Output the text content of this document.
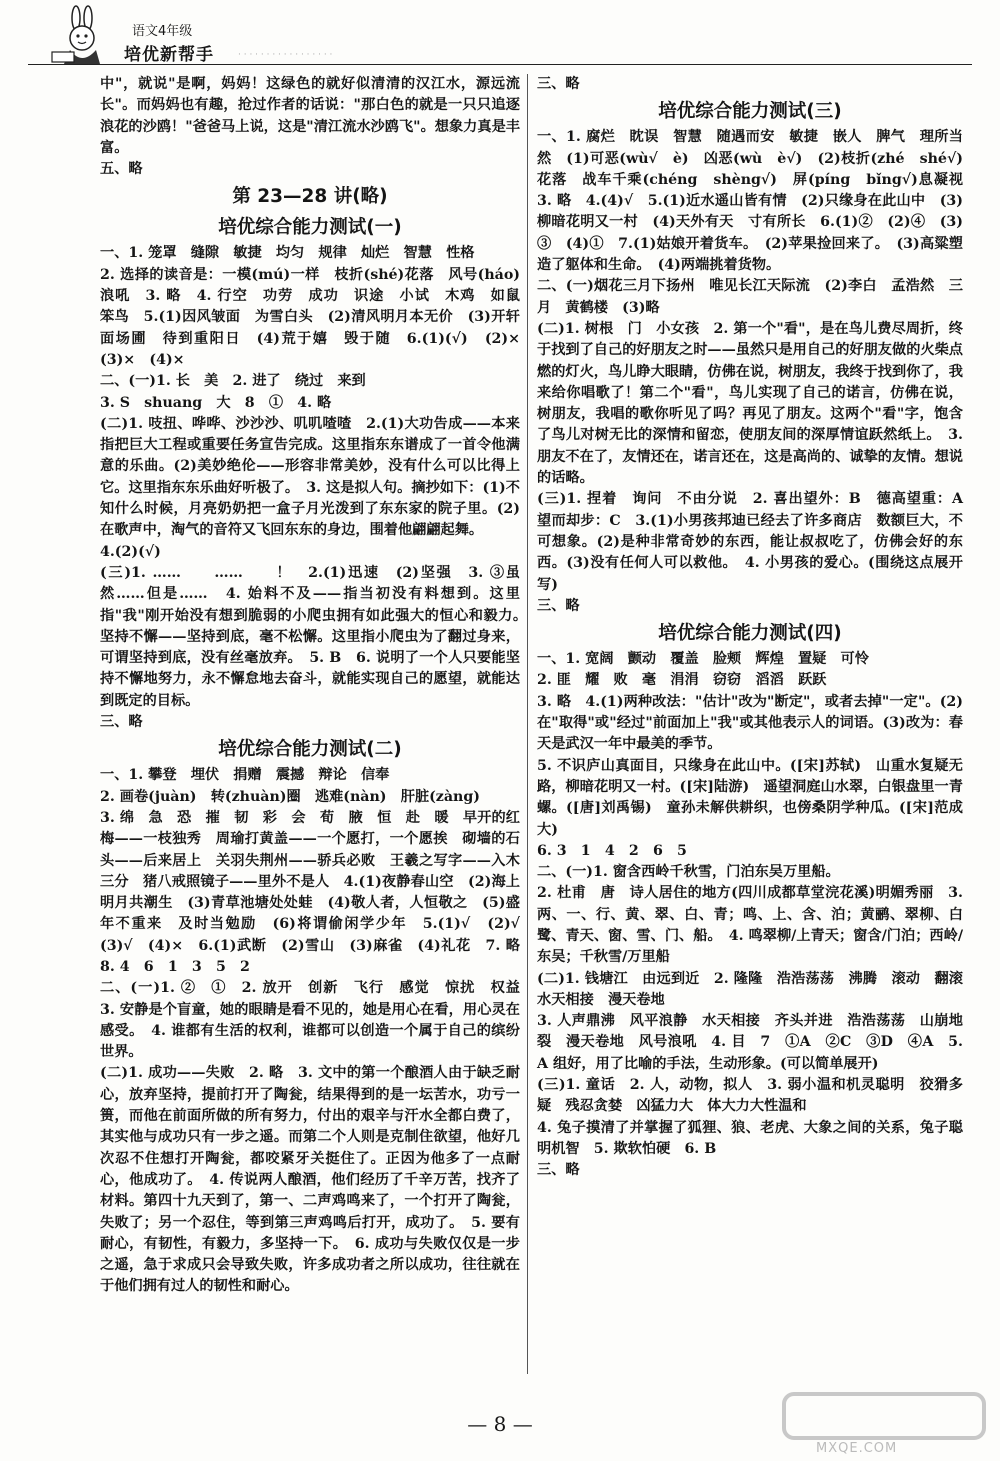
语文4年级
培优新帮手	· · · · · · · · · · · · · · · · ·
中"，就说"是啊，妈妈！这绿色的就好似清清的汉江水，源远流长"。而妈妈也有趣，抢过作者的话说："那白色的就是一只只追逐浪花的沙鸥！"爸爸马上说，这是"清江流水沙鸥飞"。想象力真是丰富。
五、略
第 23—28 讲(略)
培优综合能力测试(一)
一、1. 笼罩　缝隙　敏捷　均匀　规律　灿烂　智慧　性格
2. 选择的读音是：一模(mú)一样　枝折(shé)花落　风号(háo)浪吼　3. 略　4. 行空　功劳　成功　识途　小试　木鸡　如鼠　笨鸟　5.(1)因风皱面　为雪白头　(2)清风明月本无价　(3)开轩面场圃　待到重阳日　(4)荒于嬉　毁于随　6.(1)(√)　(2)×　(3)×　(4)×
二、(一)1. 长　美　2. 进了　绕过　来到
3. S　shuang　大　8　①　4. 略
(二)1. 吱扭、哗哗、沙沙沙、叽叽喳喳　2.(1)大功告成——本来指把巨大工程或重要任务宣告完成。这里指东东谱成了一首令他满意的乐曲。(2)美妙绝伦——形容非常美妙，没有什么可以比得上它。这里指东东乐曲好听极了。　3. 这是拟人句。摘抄如下：(1)不知什么时候，月亮奶奶把一盒子月光泼到了东东家的院子里。(2)在歌声中，淘气的音符又飞回东东的身边，围着他翩翩起舞。
4.(2)(√)
(三)1. ……　　……　　！　2.(1)迅速　(2)坚强　3. ③虽然……但是……　4. 始料不及——指当初没有料想到。这里指"我"刚开始没有想到脆弱的小爬虫拥有如此强大的恒心和毅力。　坚持不懈——坚持到底，毫不松懈。这里指小爬虫为了翻过身来，可谓坚持到底，没有丝毫放弃。　5. B　6. 说明了一个人只要能坚持不懈地努力，永不懈怠地去奋斗，就能实现自己的愿望，就能达到既定的目标。
三、略
培优综合能力测试(二)
一、1. 攀登　埋伏　捐赠　震撼　辩论　信奉
2. 画卷(juàn)　转(zhuàn)圈　逃难(nàn)　肝脏(zàng)
3. 绵　急　恐　摧　韧　彩　会　荀　腋　恒　赴　暖　早开的红梅——一枝独秀　周瑜打黄盖——一个愿打，一个愿挨　砌墙的石头——后来居上　关羽失荆州——骄兵必败　王羲之写字——入木三分　猪八戒照镜子——里外不是人　4.(1)夜静春山空　(2)海上明月共潮生　(3)青草池塘处处蛙　(4)敬人者，人恒敬之　(5)盛年不重来　及时当勉励　(6)将谓偷闲学少年　5.(1)√　(2)√　(3)√　(4)×　6.(1)武断　(2)雪山　(3)麻雀　(4)礼花　7. 略　8. 4　6　1　3　5　2
二、(一)1. ②　①　2. 放开　创新　飞行　感觉　惊扰　权益　3. 安静是个盲童，她的眼睛是看不见的，她是用心在看，用心灵在感受。　4. 谁都有生活的权利，谁都可以创造一个属于自己的缤纷世界。
(二)1. 成功——失败　2. 略　3. 文中的第一个酿酒人由于缺乏耐心，放弃坚持，提前打开了陶瓮，结果得到的是一坛苦水，功亏一篑，而他在前面所做的所有努力，付出的艰辛与汗水全都白费了，其实他与成功只有一步之遥。而第二个人则是克制住欲望，他好几次忍不住想打开陶瓮，都咬紧牙关挺住了。正因为他多了一点耐心，他成功了。　4. 传说两人酿酒，他们经历了千辛万苦，找齐了材料。第四十九天到了，第一、二声鸡鸣来了，一个打开了陶瓮，失败了；另一个忍住，等到第三声鸡鸣后打开，成功了。　5. 要有耐心，有韧性，有毅力，多坚持一下。　6. 成功与失败仅仅是一步之遥，急于求成只会导致失败，许多成功者之所以成功，往往就在于他们拥有过人的韧性和耐心。
三、略
培优综合能力测试(三)
一、1. 腐烂　眈误　智慧　随遇而安　敏捷　嵌人　脾气　理所当然　(1)可恶(wù√　è)　凶恶(wù　è√)　(2)枝折(zhé　shé√)花落　战车千乘(chéng　shèng√)　屏(píng　bǐng√)息凝视　3. 略　4.(4)√　5.(1)近水遥山皆有情　(2)只缘身在此山中　(3)柳暗花明又一村　(4)天外有天　寸有所长　6.(1)②　(2)④　(3)③　(4)①　7.(1)姑娘开着货车。　(2)苹果捡回来了。　(3)高粱塑造了躯体和生命。　(4)两端挑着货物。
二、(一)烟花三月下扬州　唯见长江天际流　(2)李白　孟浩然　三月　黄鹤楼　(3)略
(二)1. 树根　门　小女孩　2. 第一个"看"，是在鸟儿费尽周折，终于找到了自己的好朋友之时——虽然只是用自己的好朋友做的火柴点燃的灯火，鸟儿睁大眼睛，仿佛在说，树朋友，我终于找到你了，我来给你唱歌了！第二个"看"，鸟儿实现了自己的诺言，仿佛在说，树朋友，我唱的歌你听见了吗？再见了朋友。这两个"看"字，饱含了鸟儿对树无比的深情和留恋，使朋友间的深厚情谊跃然纸上。　3. 朋友不在了，友情还在，诺言还在，这是高尚的、诚挚的友情。想说的话略。
(三)1. 捏着　询问　不由分说　2. 喜出望外：B　德高望重：A　望而却步：C　3.(1)小男孩邦迪已经去了许多商店　数额巨大，不可想象。(2)是种非常奇妙的东西，能让叔叔吃了，仿佛会好的东西。(3)没有任何人可以救他。　4. 小男孩的爱心。(围绕这点展开写)
三、略
培优综合能力测试(四)
一、1. 宽阔　颤动　覆盖　脸颊　辉煌　置疑　可怜
2. 匪　耀　败　毫　涓涓　窃窃　滔滔　跃跃
3. 略　4.(1)两种改法："估计"改为"断定"，或者去掉"一定"。(2)在"取得"或"经过"前面加上"我"或其他表示人的词语。(3)改为：春天是武汉一年中最美的季节。
5. 不识庐山真面目，只缘身在此山中。([宋]苏轼)　山重水复疑无路，柳暗花明又一村。([宋]陆游)　遥望洞庭山水翠，白银盘里一青螺。([唐]刘禹锡)　童孙未解供耕织，也傍桑阴学种瓜。([宋]范成大)
6. 3　1　4　2　6　5
二、(一)1. 窗含西岭千秋雪，门泊东吴万里船。
2. 杜甫　唐　诗人居住的地方(四川成都草堂浣花溪)明媚秀丽　3. 两、一、行、黄、翠、白、青；鸣、上、含、泊；黄鹂、翠柳、白鹭、青天、窗、雪、门、船。　4. 鸣翠柳/上青天；窗含/门泊；西岭/东吴；千秋雪/万里船
(二)1. 钱塘江　由远到近　2. 隆隆　浩浩荡荡　沸腾　滚动　翻滚　水天相接　漫天卷地
3. 人声鼎沸　风平浪静　水天相接　齐头并进　浩浩荡荡　山崩地裂　漫天卷地　风号浪吼　4. 目　7　①A　②C　③D　④A　5. A 组好，用了比喻的手法，生动形象。(可以简单展开)
(三)1. 童话　2. 人，动物，拟人　3. 弱小温和机灵聪明　狡猾多疑　残忍贪婪　凶猛力大　体大力大性温和
4. 兔子摸清了并掌握了狐狸、狼、老虎、大象之间的关系，兔子聪明机智　5. 欺软怕硬　6. B
三、略
— 8 —
MXQE.COM
